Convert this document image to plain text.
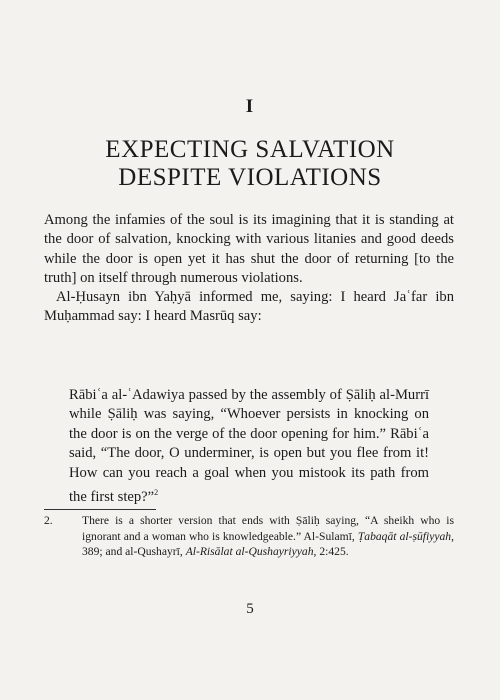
I
EXPECTING SALVATION
DESPITE VIOLATIONS

Among the infamies of the soul is its imagining that it is standing at the door of salvation, knocking with various litanies and good deeds while the door is open yet it has shut the door of returning [to the truth] on itself through numerous violations.

Al-Ḥusayn ibn Yaḥyā informed me, saying: I heard Jaʿfar ibn Muḥammad say: I heard Masrūq say:

Rābiʿa al-ʿAdawiya passed by the assembly of Ṣāliḥ al-Murrī while Ṣāliḥ was saying, “Whoever persists in knocking on the door is on the verge of the door opening for him.” Rābiʿa said, “The door, O underminer, is open but you flee from it! How can you reach a goal when you mistook its path from the first step?”$^2$

2.	There is a shorter version that ends with Ṣāliḥ saying, “A sheikh who is ignorant and a woman who is knowledgeable.” Al-Sulamī, Ṭabaqāt al-ṣūfiyyah, 389; and al-Qushayrī, Al-Risālat al-Qushayriyyah, 2:425.
5
